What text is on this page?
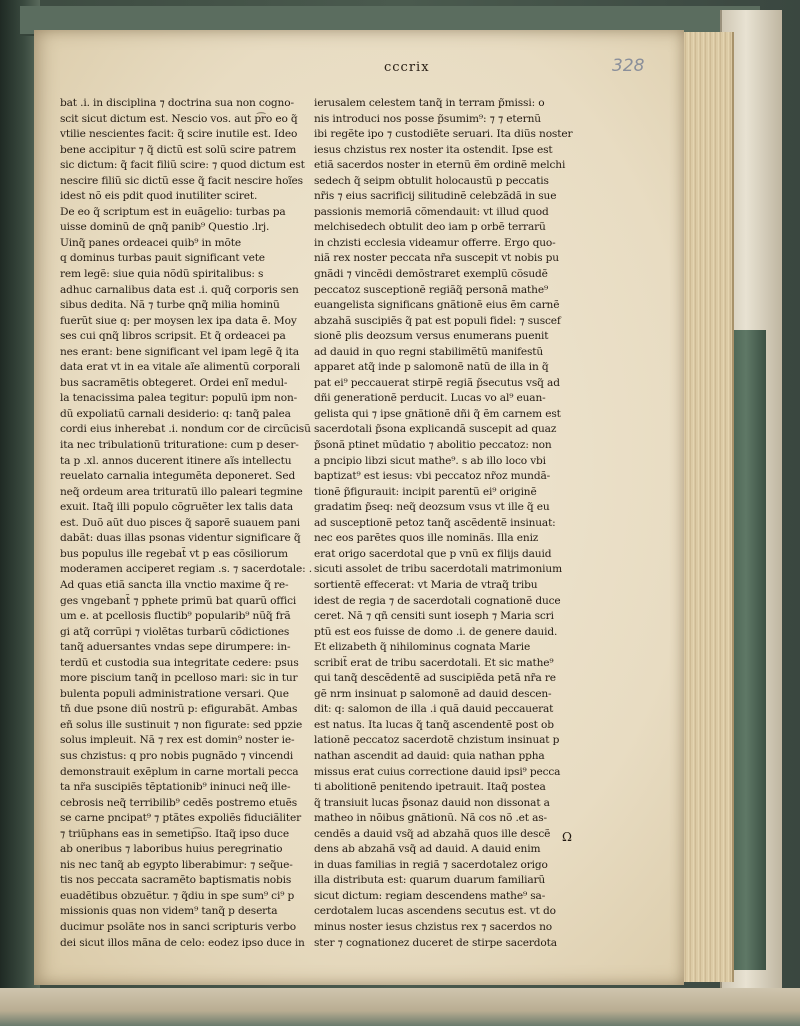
cccrix	328
bat .i. in disciplina ⁊ doctrina sua non cogno-
scit sicut dictum est. Nescio vos. aut p͡ro eo q̃
vtilie nescientes facit: q̃ scire inutile est. Ideo
bene accipitur ⁊ q̃ dictũ est solũ scire patrem
sic dictum: q̃ facit filiũ scire: ⁊ quod dictum est
nescire filiũ sic dictũ esse q̃ facit nescire hoĩes
idest nõ eis pdit quod inutiliter sciret.
De eo q̃ scriptum est in euãgelio: turbas pa
uisse dominũ de qnq̃ panib⁹ Questio .lrj.
Uinq̃ panes ordeacei quib⁹ in mõte
q dominus turbas pauit significant vete
rem legẽ: siue quia nõdũ spiritalibus: s
adhuc carnalibus data est .i. quq̃ corporis sen
sibus dedita. Nã ⁊ turbe qnq̃ milia hominũ
fuerũt siue q: per moysen lex ipa data ẽ. Moy
ses cui qnq̃ libros scripsit. Et q̃ ordeacei pa
nes erant: bene significant vel ipam legẽ q̃ ita
data erat vt in ea vitale aĩe alimentũ corporali
bus sacramẽtis obtegeret. Ordei enĩ medul-
la tenacissima palea tegitur: populũ ipm non-
dũ expoliatũ carnali desiderio: q: tanq̃ palea
cordi eius inherebat .i. nondum cor de circũcisũ
ita nec tribulationũ trituratione: cum p deser-
ta p .xl. annos ducerent itinere aĩs intellectu
reuelato carnalia integumẽta deponeret. Sed
neq̃ ordeum area trituratũ illo paleari tegmine
exuit. Itaq̃ illi populo cõgruẽter lex talis data
est. Duõ aũt duo pisces q̃ saporẽ suauem pani
dabãt: duas illas psonas videntur significare q̃
bus populus ille regebat̃ vt p eas cõsiliorum
moderamen acciperet regiam .s. ⁊ sacerdotale: .
Ad quas etiã sancta illa vnctio maxime q̃ re-
ges vngebant̃ ⁊ pphete primũ bat quarũ offici
um e. at pcellosis fluctib⁹ popularib⁹ nũq̃ frã
gi atq̃ corrũpi ⁊ violẽtas turbarũ cõdictiones
tanq̃ aduersantes vndas sepe dirumpere: in-
terdũ et custodia sua integritate cedere: psus
more piscium tanq̃ in pcelloso mari: sic in tur
bulenta populi administratione versari. Que
tñ due psone diũ nostrũ p: efigurabãt. Ambas
eñ solus ille sustinuit ⁊ non figurate: sed ppzie
solus impleuit. Nã ⁊ rex est domin⁹ noster ie-
sus chzistus: q pro nobis pugnãdo ⁊ vincendi
demonstrauit exẽplum in carne mortali pecca
ta nr̃a suscipiẽs tẽptationib⁹ ininuci neq̃ ille-
cebrosis neq̃ terribilib⁹ cedẽs postremo etuẽs
se carne pncipat⁹ ⁊ ptãtes expoliẽs fiduciãliter
⁊ triũphans eas in semetip͡so. Itaq̃ ipso duce
ab oneribus ⁊ laboribus huius peregrinatio
nis nec tanq̃ ab egypto liberabimur: ⁊ seq̃ue-
tis nos peccata sacramẽto baptismatis nobis
euadẽtibus obzuẽtur. ⁊ q̃diu in spe sum⁹ ci⁹ p
missionis quas non videm⁹ tanq̃ p deserta
ducimur psolãte nos in sanci scripturis verbo
dei sicut illos mãna de celo: eodez ipso duce in
ierusalem celestem tanq̃ in terram p̃missi: o
nis introduci nos posse p̃sumim⁹: ⁊ ⁊ eternũ
ibi regẽte ipo ⁊ custodiẽte seruari. Ita diũs noster
iesus chzistus rex noster ita ostendit. Ipse est
etiã sacerdos noster in eternũ ẽm ordinẽ melchi
sedech q̃ seipm obtulit holocaustũ p peccatis
nr̃is ⁊ eius sacrificij silitudinẽ celebzãdã in sue
passionis memoriã cõmendauit: vt illud quod
melchisedech obtulit deo iam p orbẽ terrarũ
in chzisti ecclesia videamur offerre. Ergo quo-
niã rex noster peccata nr̃a suscepit vt nobis pu
gnãdi ⁊ vincẽdi demõstraret exemplũ cõsudẽ
peccatoz susceptionẽ regiãq̃ personã mathe⁹
euangelista significans gnãtionẽ eius ẽm carnẽ
abzahã suscipiẽs q̃ pat est populi fidel: ⁊ suscef
sionẽ plis deozsum versus enumerans puenit
ad dauid in quo regni stabilimẽtũ manifestũ
apparet atq̃ inde p salomonẽ natũ de illa in q̃
pat ei⁹ peccauerat stirpẽ regiã p̃secutus vsq̃ ad
dñi generationẽ perducit. Lucas vo al⁹ euan-
gelista qui ⁊ ipse gnãtionẽ dñi q̃ ẽm carnem est
sacerdotali p̃sona explicandã suscepit ad quaz
p̃sonã ptinet mũdatio ⁊ abolitio peccatoz: non
a pncipio libzi sicut mathe⁹. s ab illo loco vbi
baptizat⁹ est iesus: vbi peccatoz nr̃oz mundã-
tionẽ p̃figurauit: incipit parentũ ei⁹ originẽ
gradatim p̃seq: neq̃ deozsum vsus vt ille q̃ eu
ad susceptionẽ petoz tanq̃ ascẽdentẽ insinuat:
nec eos parẽtes quos ille nominãs. Illa eniz
erat origo sacerdotal que p vnũ ex filijs dauid
sicuti assolet de tribu sacerdotali matrimonium
sortientẽ effecerat: vt Maria de vtraq̃ tribu
idest de regia ⁊ de sacerdotali cognationẽ duce
ceret. Nã ⁊ qñ censiti sunt ioseph ⁊ Maria scri
ptũ est eos fuisse de domo .i. de genere dauid.
Et elizabeth q̃ nihilominus cognata Marie
scribit̃ erat de tribu sacerdotali. Et sic mathe⁹
qui tanq̃ descẽdentẽ ad suscipiẽda petã nr̃a re
gẽ nrm insinuat p salomonẽ ad dauid descen-
dit: q: salomon de illa .i quã dauid peccauerat
est natus. Ita lucas q̃ tanq̃ ascendentẽ post ob
lationẽ peccatoz sacerdotẽ chzistum insinuat p
nathan ascendit ad dauid: quia nathan ppha
missus erat cuius correctione dauid ipsi⁹ pecca
ti abolitionẽ penitendo ipetrauit. Itaq̃ postea
q̃ transiuit lucas p̃sonaz dauid non dissonat a
matheo in nõibus gnãtionũ. Nã cos nõ .et as-
cendẽs a dauid vsq̃ ad abzahã quos ille descẽ
dens ab abzahã vsq̃ ad dauid. A dauid enim
in duas familias in regiã ⁊ sacerdotalez origo
illa distributa est: quarum duarum familiarũ
sicut dictum: regiam descendens mathe⁹ sa-
cerdotalem lucas ascendens secutus est. vt do
minus noster iesus chzistus rex ⁊ sacerdos no
ster ⁊ cognationez duceret de stirpe sacerdota
Ω
